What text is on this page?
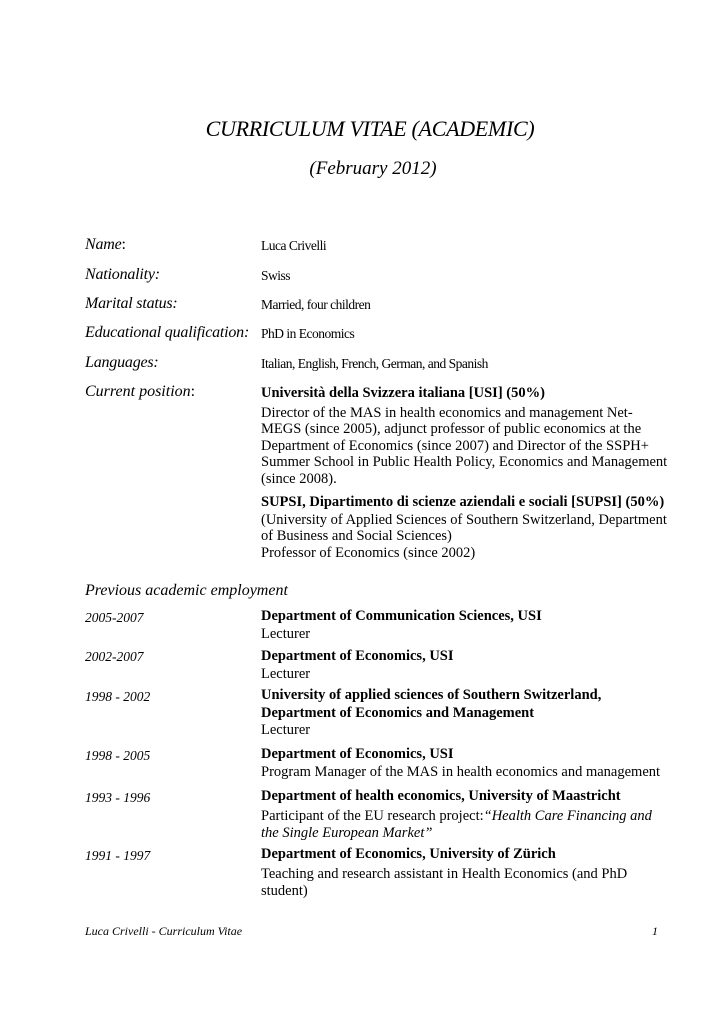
CURRICULUM VITAE (ACADEMIC)
(February 2012)
Name:	Luca Crivelli
Nationality:	Swiss
Marital status:	Married, four children
Educational qualification: PhD in Economics
Languages:	Italian, English, French, German, and Spanish
Current position:	Università della Svizzera italiana [USI] (50%)
Director of the MAS in health economics and management Net-MEGS (since 2005), adjunct professor of public economics at the Department of Economics (since 2007) and Director of the SSPH+ Summer School in Public Health Policy, Economics and Management (since 2008).
SUPSI, Dipartimento di scienze aziendali e sociali [SUPSI] (50%)
(University of Applied Sciences of Southern Switzerland, Department of Business and Social Sciences)
Professor of Economics (since 2002)
Previous academic employment
2005-2007	Department of Communication Sciences, USI
Lecturer
2002-2007	Department of Economics, USI
Lecturer
1998 - 2002	University of applied sciences of Southern Switzerland, Department of Economics and Management
Lecturer
1998 - 2005	Department of Economics, USI
Program Manager of the MAS in health economics and management
1993 - 1996	Department of health economics, University of Maastricht
Participant of the EU research project:“Health Care Financing and the Single European Market”
1991 - 1997	Department of Economics, University of Zürich
Teaching and research assistant in Health Economics (and PhD student)
Luca Crivelli - Curriculum Vitae	1
